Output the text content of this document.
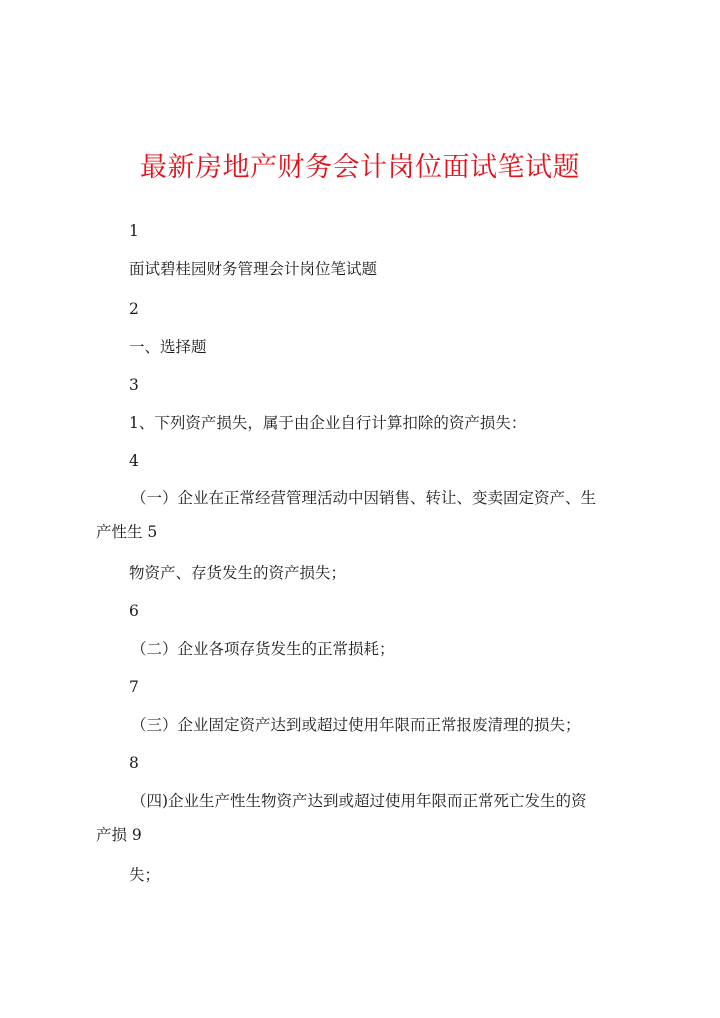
最新房地产财务会计岗位面试笔试题
1
面试碧桂园财务管理会计岗位笔试题
2
一、选择题
3
1、下列资产损失，属于由企业自行计算扣除的资产损失：
4
（一）企业在正常经营管理活动中因销售、转让、变卖固定资产、生
产性生 5
物资产、存货发生的资产损失；
6
（二）企业各项存货发生的正常损耗；
7
（三）企业固定资产达到或超过使用年限而正常报废清理的损失；
8
（四)企业生产性生物资产达到或超过使用年限而正常死亡发生的资
产损 9
失；
